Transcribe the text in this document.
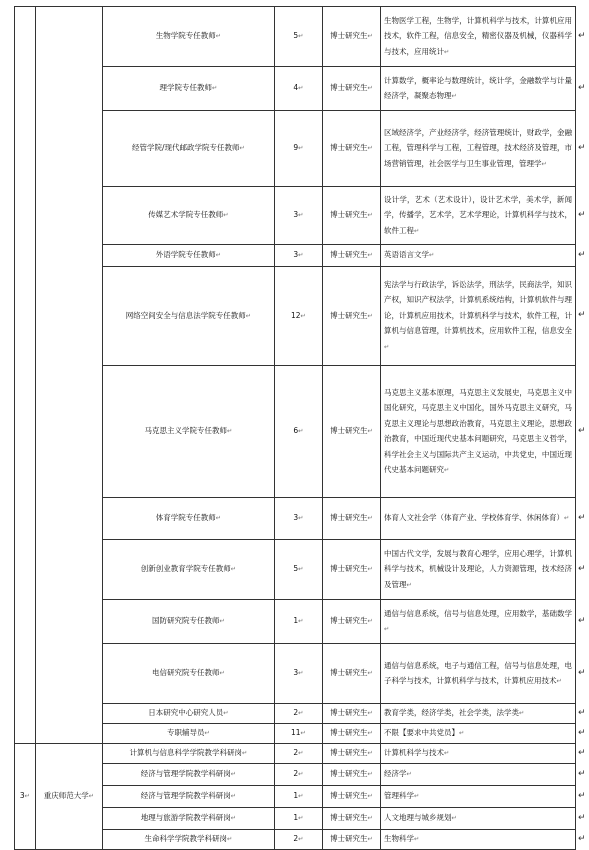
		生物学院专任教师↵	5↵	博士研究生↵	生物医学工程，生物学，计算机科学与技术，计算机应用技术，软件工程，信息安全，精密仪器及机械，仪器科学与技术，应用统计↵
		理学院专任教师↵	4↵	博士研究生↵	计算数学，概率论与数理统计，统计学，金融数学与计量经济学，凝聚态物理↵
		经管学院/现代邮政学院专任教师↵	9↵	博士研究生↵	区域经济学，产业经济学，经济管理统计，财政学，金融工程，管理科学与工程，工程管理，技术经济及管理，市场营销管理，社会医学与卫生事业管理，管理学↵
		传媒艺术学院专任教师↵	3↵	博士研究生↵	设计学，艺术（艺术设计），设计艺术学，美术学，新闻学，传播学，艺术学，艺术学理论，计算机科学与技术，软件工程↵
		外语学院专任教师↵	3↵	博士研究生↵	英语语言文学↵
		网络空间安全与信息法学院专任教师↵	12↵	博士研究生↵	宪法学与行政法学，诉讼法学，刑法学，民商法学，知识产权，知识产权法学，计算机系统结构，计算机软件与理论，计算机应用技术，计算机科学与技术，软件工程，计算机与信息管理，计算机技术，应用软件工程，信息安全↵
		马克思主义学院专任教师↵	6↵	博士研究生↵	马克思主义基本原理，马克思主义发展史，马克思主义中国化研究，马克思主义中国化，国外马克思主义研究，马克思主义理论与思想政治教育，马克思主义理论，思想政治教育，中国近现代史基本问题研究，马克思主义哲学，科学社会主义与国际共产主义运动，中共党史，中国近现代史基本问题研究↵
		体育学院专任教师↵	3↵	博士研究生↵	体育人文社会学（体育产业、学校体育学、休闲体育）↵
		创新创业教育学院专任教师↵	5↵	博士研究生↵	中国古代文学，发展与教育心理学，应用心理学，计算机科学与技术，机械设计及理论，人力资源管理，技术经济及管理↵
		国防研究院专任教师↵	1↵	博士研究生↵	通信与信息系统，信号与信息处理，应用数学，基础数学↵
		电信研究院专任教师↵	3↵	博士研究生↵	通信与信息系统，电子与通信工程，信号与信息处理，电子科学与技术，计算机科学与技术，计算机应用技术↵
		日本研究中心研究人员↵	2↵	博士研究生↵	教育学类，经济学类，社会学类，法学类↵
		专职辅导员↵	11↵	博士研究生↵	不限【要求中共党员】↵
3↵	重庆师范大学↵	计算机与信息科学学院教学科研岗↵	2↵	博士研究生↵	计算机科学与技术↵
		经济与管理学院教学科研岗↵	2↵	博士研究生↵	经济学↵
		经济与管理学院教学科研岗↵	1↵	博士研究生↵	管理科学↵
		地理与旅游学院教学科研岗↵	1↵	博士研究生↵	人文地理与城乡规划↵
		生命科学学院教学科研岗↵	2↵	博士研究生↵	生物科学↵
↵
↵
↵
↵
↵
↵
↵
↵
↵
↵
↵
↵
↵
↵
↵
↵
↵
↵
